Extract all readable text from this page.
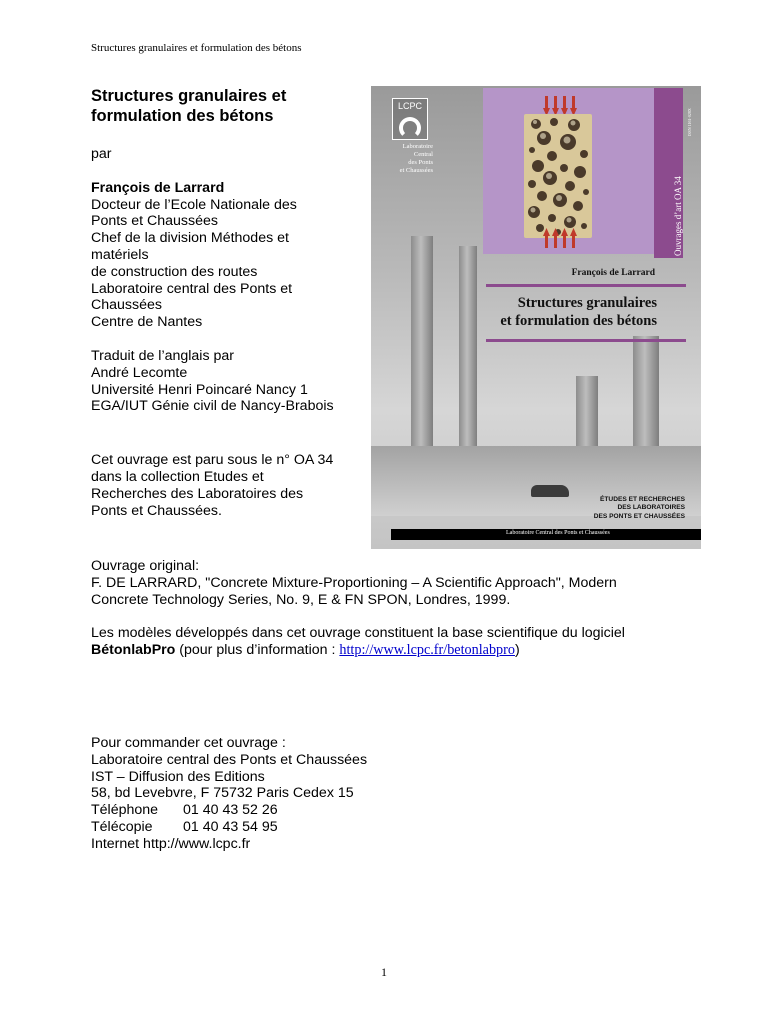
Structures granulaires et formulation des bétons
Structures granulaires et
formulation des bétons

par

François de Larrard

Docteur de l’Ecole Nationale des

Ponts et Chaussées

Chef de la division Méthodes et

matériels

de construction des routes

Laboratoire central des Ponts et

Chaussées

Centre de Nantes

Traduit de l’anglais par

André Lecomte

Université Henri Poincaré Nancy 1

EGA/IUT Génie civil de Nancy-Brabois

Cet ouvrage est paru sous le n° OA 34

dans la collection Etudes et

Recherches des Laboratoires des

Ponts et Chaussées.

LCPC
Laboratoire
Central
des Ponts
et Chaussées
Ouvrages d’art OA 34
ISSN 1161-028X
François de Larrard
Structures granulaires
et formulation des bétons
ÉTUDES ET RECHERCHES
DES LABORATOIRES
DES PONTS ET CHAUSSÉES
Laboratoire Central des Ponts et Chaussées

Ouvrage original:

F. DE LARRARD, "Concrete Mixture-Proportioning – A Scientific Approach", Modern

Concrete Technology Series, No. 9, E & FN SPON, Londres, 1999.

Les modèles développés dans cet ouvrage constituent la base scientifique du logiciel

BétonlabPro (pour plus d’information : http://www.lcpc.fr/betonlabpro)

Pour commander cet ouvrage :

Laboratoire central des Ponts et Chaussées

IST – Diffusion des Editions

58, bd Levebvre, F 75732 Paris Cedex 15

Téléphone 01 40 43 52 26

Télécopie 01 40 43 54 95

Internet http://www.lcpc.fr

1
